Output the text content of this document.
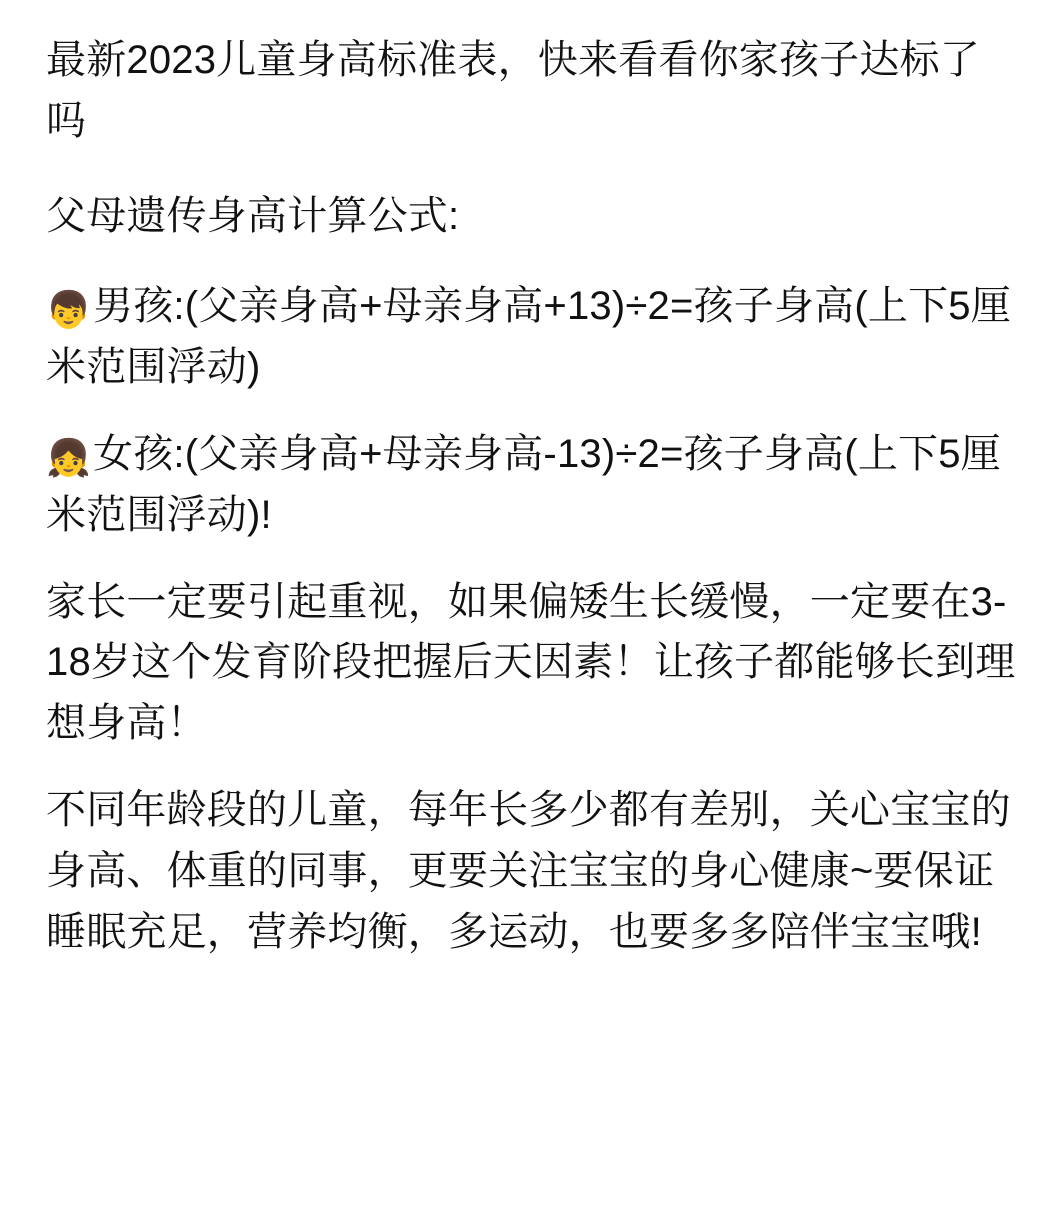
最新2023儿童身高标准表，快来看看你家孩子达标了吗

父母遗传身高计算公式:

👦男孩:(父亲身高+母亲身高+13)÷2=孩子身高(上下5厘米范围浮动)

👧女孩:(父亲身高+母亲身高-13)÷2=孩子身高(上下5厘米范围浮动)!

家长一定要引起重视，如果偏矮生长缓慢，一定要在3-18岁这个发育阶段把握后天因素！让孩子都能够长到理想身高！

不同年龄段的儿童，每年长多少都有差别，关心宝宝的身高、体重的同事，更要关注宝宝的身心健康~要保证睡眠充足，营养均衡，多运动，也要多多陪伴宝宝哦!
